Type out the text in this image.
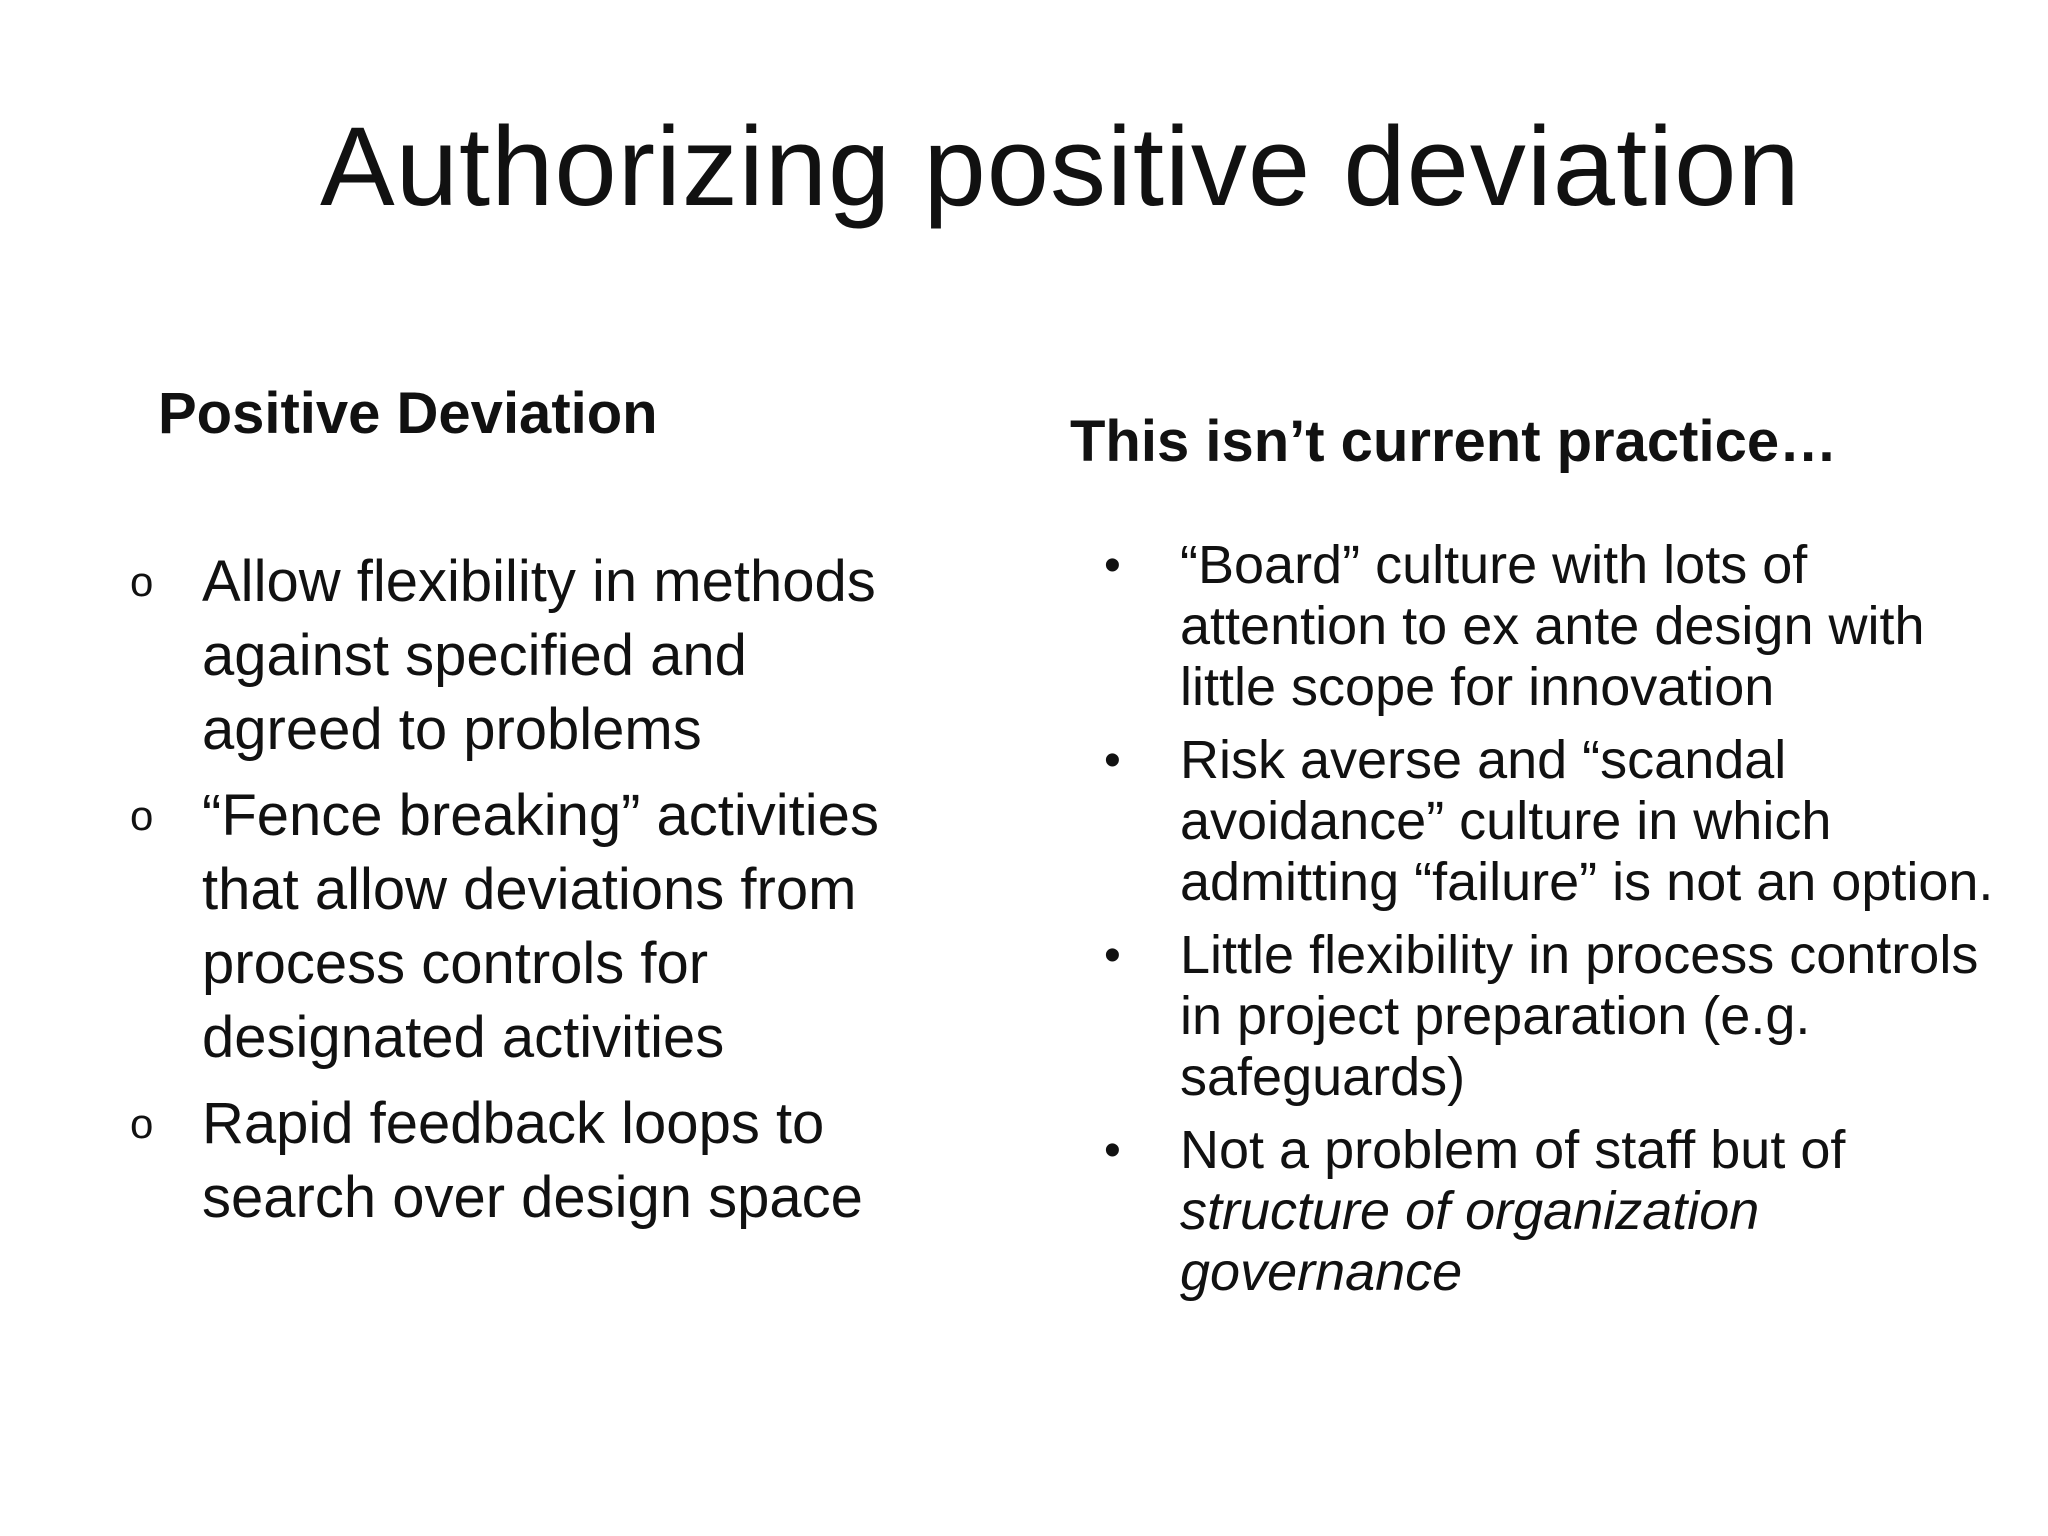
Authorizing positive deviation
Positive Deviation
o Allow flexibility in methods against specified and agreed to problems
o “Fence breaking” activities that allow deviations from process controls for designated activities
o Rapid feedback loops to search over design space
This isn’t current practice…
• “Board” culture with lots of attention to ex ante design with little scope for innovation
• Risk averse and “scandal avoidance” culture in which admitting “failure” is not an option.
• Little flexibility in process controls in project preparation (e.g. safeguards)
• Not a problem of staff but of structure of organization governance
